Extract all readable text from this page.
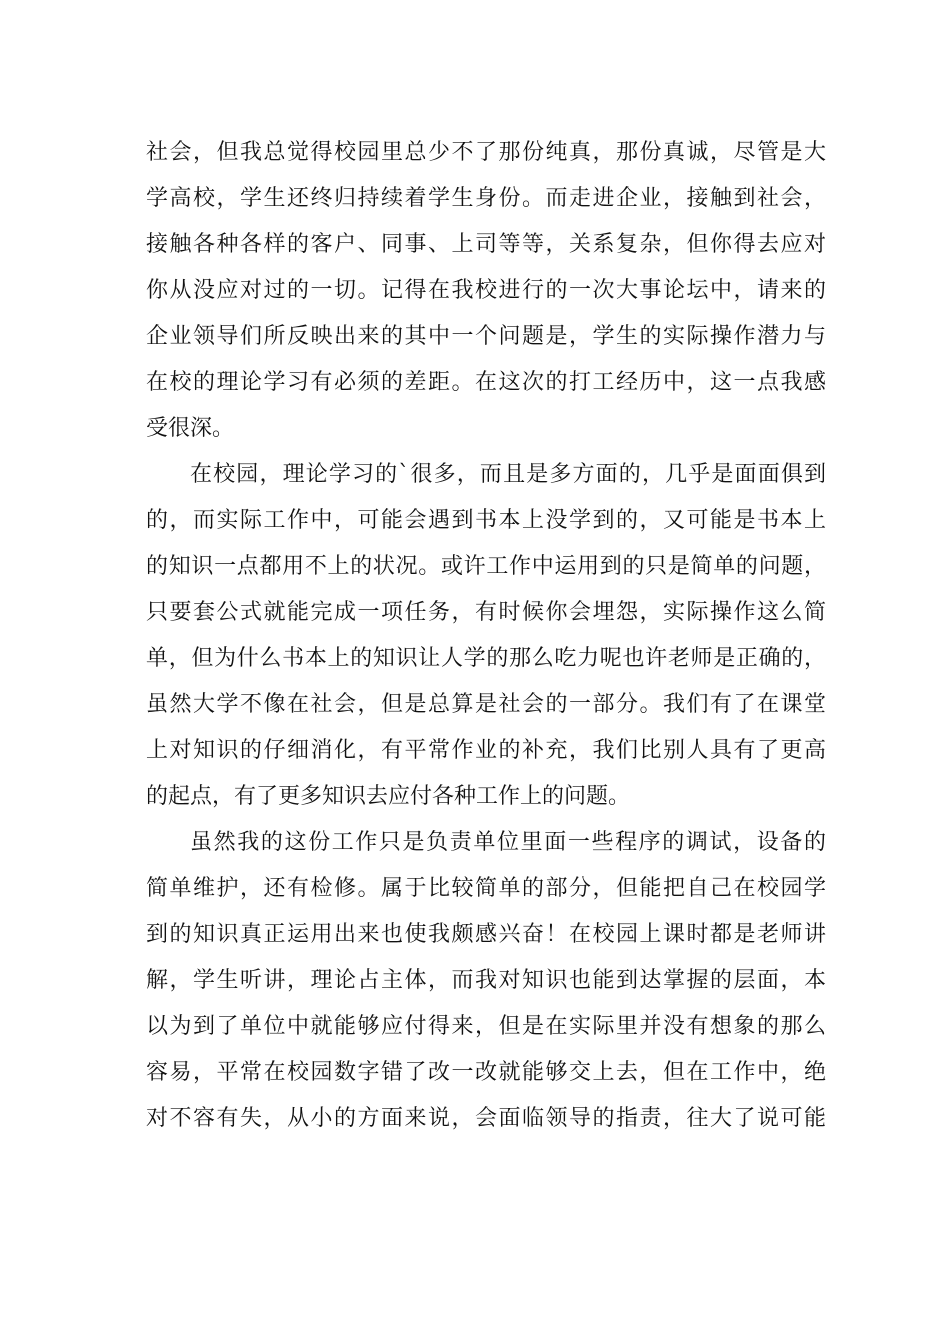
社会，但我总觉得校园里总少不了那份纯真，那份真诚，尽管是大
学高校，学生还终归持续着学生身份。而走进企业，接触到社会，
接触各种各样的客户、同事、上司等等，关系复杂，但你得去应对
你从没应对过的一切。记得在我校进行的一次大事论坛中，请来的
企业领导们所反映出来的其中一个问题是，学生的实际操作潜力与
在校的理论学习有必须的差距。在这次的打工经历中，这一点我感
受很深。
在校园，理论学习的`很多，而且是多方面的，几乎是面面俱到
的，而实际工作中，可能会遇到书本上没学到的，又可能是书本上
的知识一点都用不上的状况。或许工作中运用到的只是简单的问题，
只要套公式就能完成一项任务，有时候你会埋怨，实际操作这么简
单，但为什么书本上的知识让人学的那么吃力呢也许老师是正确的，
虽然大学不像在社会，但是总算是社会的一部分。我们有了在课堂
上对知识的仔细消化，有平常作业的补充，我们比别人具有了更高
的起点，有了更多知识去应付各种工作上的问题。
虽然我的这份工作只是负责单位里面一些程序的调试，设备的
简单维护，还有检修。属于比较简单的部分，但能把自己在校园学
到的知识真正运用出来也使我颇感兴奋！在校园上课时都是老师讲
解，学生听讲，理论占主体，而我对知识也能到达掌握的层面，本
以为到了单位中就能够应付得来，但是在实际里并没有想象的那么
容易，平常在校园数字错了改一改就能够交上去，但在工作中，绝
对不容有失，从小的方面来说，会面临领导的指责，往大了说可能
